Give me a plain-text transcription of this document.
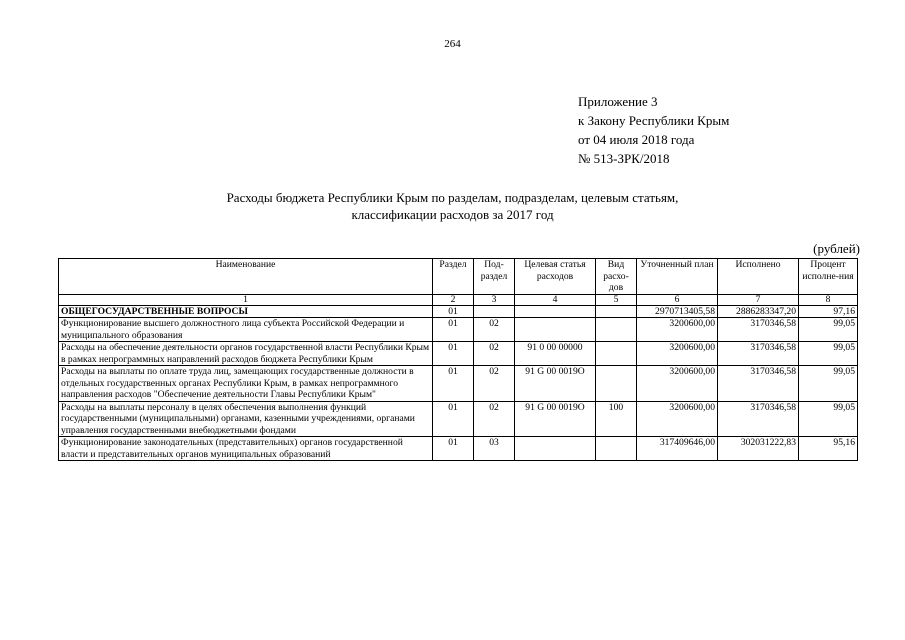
264
Приложение 3
к Закону Республики Крым
от 04 июля 2018 года
№ 513-ЗРК/2018
Расходы бюджета Республики Крым по разделам, подразделам, целевым статьям,
классификации расходов за 2017 год
(рублей)
Наименование	Раздел	Под-раздел	Целевая статья расходов	Вид расхо-дов	Уточненный план	Исполнено	Процент исполне-ния
1	2	3	4	5	6	7	8
ОБЩЕГОСУДАРСТВЕННЫЕ ВОПРОСЫ	01				2970713405,58	2886283347,20	97,16
Функционирование высшего должностного лица субъекта Российской Федерации и муниципального образования	01	02			3200600,00	3170346,58	99,05
Расходы на обеспечение деятельности органов государственной власти Республики Крым в рамках непрограммных направлений расходов бюджета Республики Крым	01	02	91 0 00 00000		3200600,00	3170346,58	99,05
Расходы на выплаты по оплате труда лиц, замещающих государственные должности в отдельных государственных органах Республики Крым, в рамках непрограммного направления расходов "Обеспечение деятельности Главы Республики Крым"	01	02	91 G 00 0019О		3200600,00	3170346,58	99,05
Расходы на выплаты персоналу в целях обеспечения выполнения функций государственными (муниципальными) органами, казенными учреждениями, органами управления государственными внебюджетными фондами	01	02	91 G 00 0019О	100	3200600,00	3170346,58	99,05
Функционирование законодательных (представительных) органов государственной власти и представительных органов муниципальных образований	01	03			317409646,00	302031222,83	95,16
